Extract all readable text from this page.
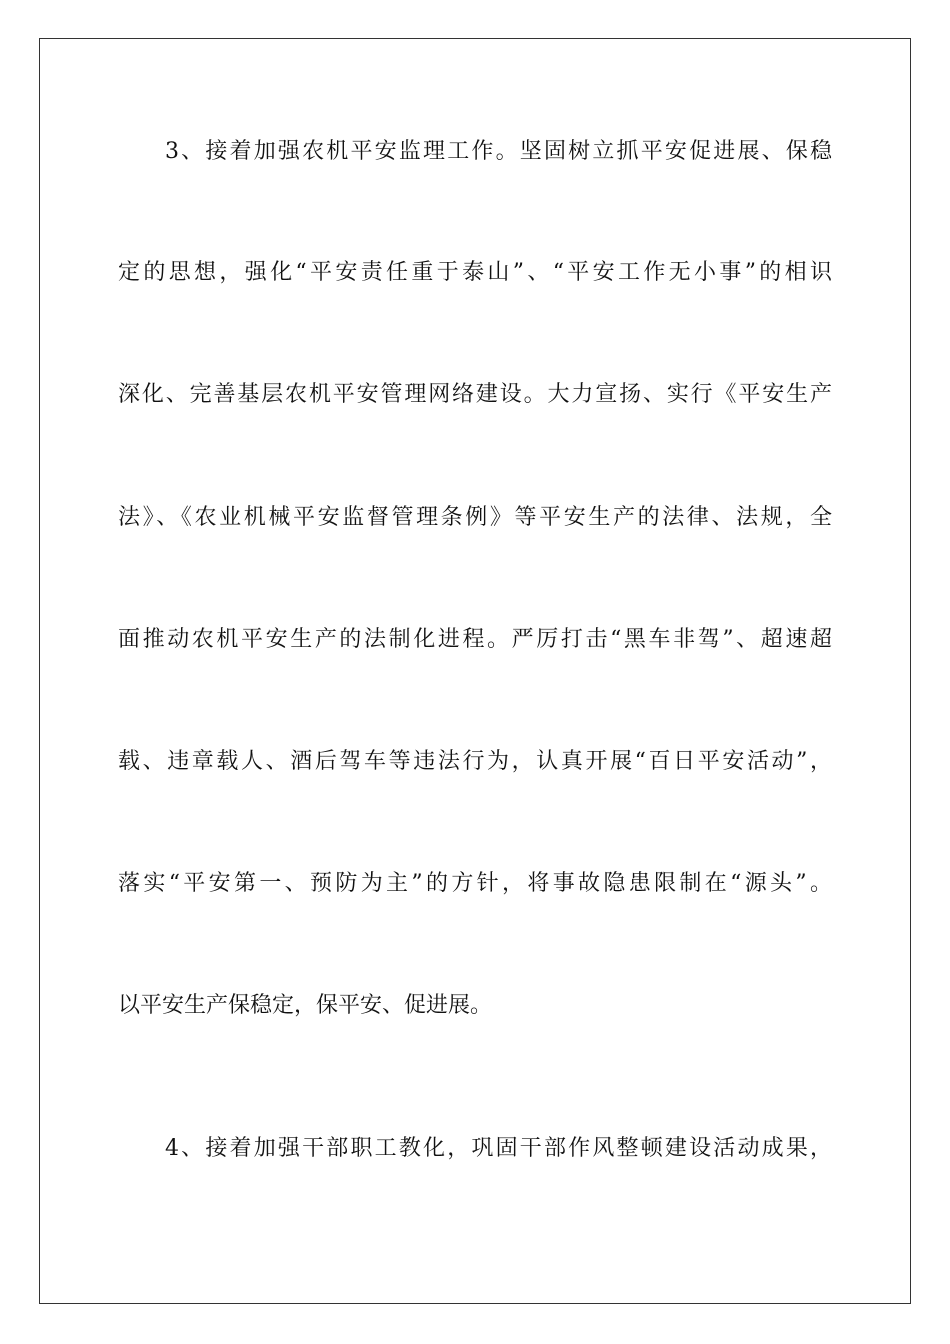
3、接着加强农机平安监理工作。坚固树立抓平安促进展、保稳
定的思想，强化“平安责任重于泰山”、“平安工作无小事”的相识
深化、完善基层农机平安管理网络建设。大力宣扬、实行《平安生产
法》、《农业机械平安监督管理条例》等平安生产的法律、法规，全
面推动农机平安生产的法制化进程。严厉打击“黑车非驾”、超速超
载、违章载人、酒后驾车等违法行为，认真开展“百日平安活动”，
落实“平安第一、预防为主”的方针，将事故隐患限制在“源头”。
以平安生产保稳定，保平安、促进展。
4、接着加强干部职工教化，巩固干部作风整顿建设活动成果，
